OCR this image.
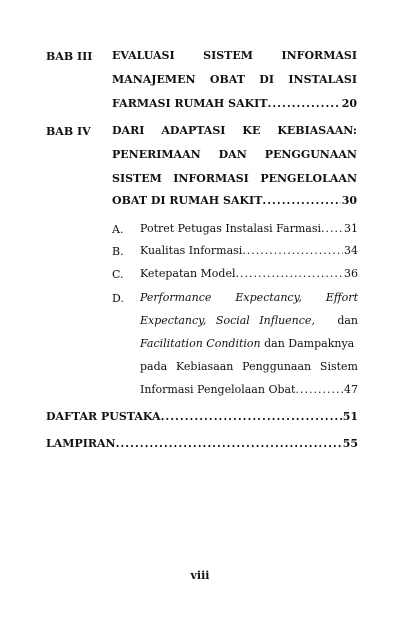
BAB III EVALUASI SISTEM INFORMASI
MANAJEMEN OBAT DI INSTALASI
FARMASI RUMAH SAKIT .....	20
BAB IV DARI ADAPTASI KE KEBIASAAN:
PENERIMAAN DAN PENGGUNAAN
SISTEM INFORMASI PENGELOLAAN
OBAT DI RUMAH SAKIT .....	30
A. Potret Petugas Instalasi Farmasi ..... 31
B. Kualitas Informasi .....	34
C. Ketepatan Model .....	36
D. Performance Expectancy, Effort
Expectancy, Social Influence, dan
Facilitation Condition dan Dampaknya
pada Kebiasaan Penggunaan Sistem
Informasi Pengelolaan Obat .....	47
DAFTAR PUSTAKA .....	51
LAMPIRAN .....	55
viii
